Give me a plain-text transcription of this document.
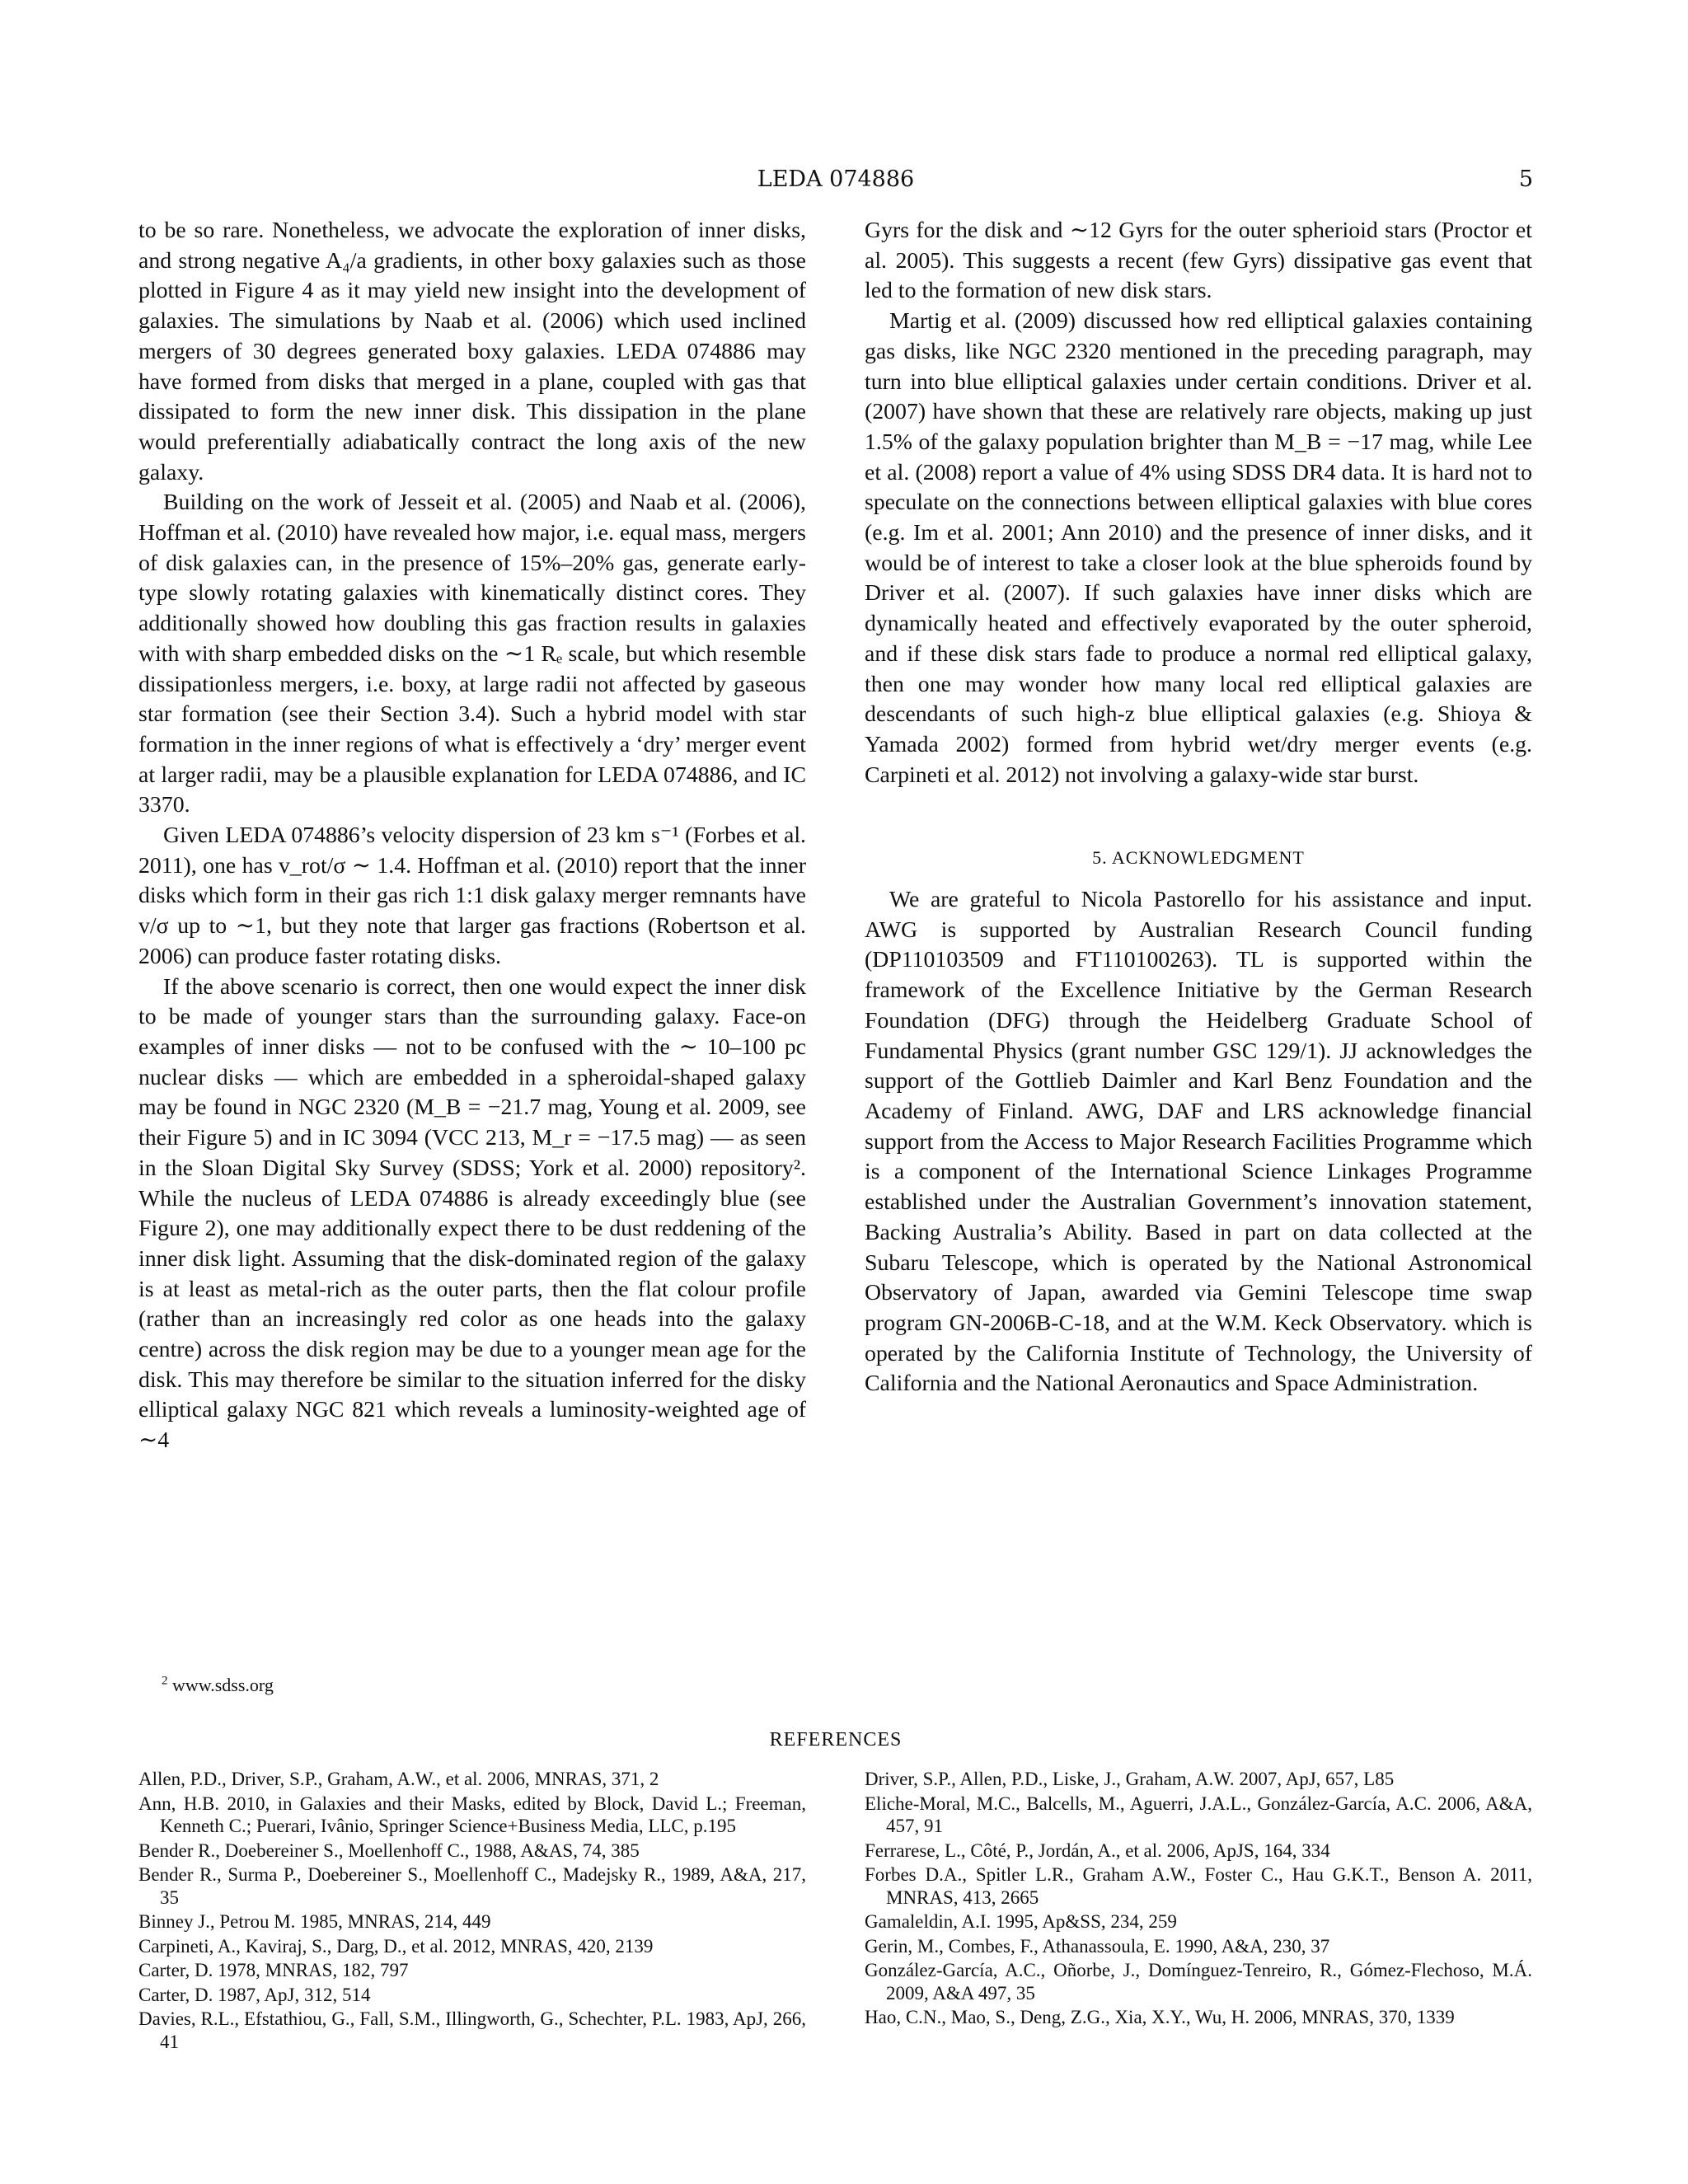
LEDA 074886	5

to be so rare. Nonetheless, we advocate the exploration of inner disks, and strong negative A₄/a gradients, in other boxy galaxies such as those plotted in Figure 4 as it may yield new insight into the development of galaxies. The simulations by Naab et al. (2006) which used inclined mergers of 30 degrees generated boxy galaxies. LEDA 074886 may have formed from disks that merged in a plane, coupled with gas that dissipated to form the new inner disk. This dissipation in the plane would preferentially adiabatically contract the long axis of the new galaxy.

Building on the work of Jesseit et al. (2005) and Naab et al. (2006), Hoffman et al. (2010) have revealed how major, i.e. equal mass, mergers of disk galaxies can, in the presence of 15%–20% gas, generate early-type slowly rotating galaxies with kinematically distinct cores. They additionally showed how doubling this gas fraction results in galaxies with with sharp embedded disks on the ∼1 Rₑ scale, but which resemble dissipationless mergers, i.e. boxy, at large radii not affected by gaseous star formation (see their Section 3.4). Such a hybrid model with star formation in the inner regions of what is effectively a ‘dry’ merger event at larger radii, may be a plausible explanation for LEDA 074886, and IC 3370.

Given LEDA 074886’s velocity dispersion of 23 km s⁻¹ (Forbes et al. 2011), one has v_rot/σ ∼ 1.4. Hoffman et al. (2010) report that the inner disks which form in their gas rich 1:1 disk galaxy merger remnants have v/σ up to ∼1, but they note that larger gas fractions (Robertson et al. 2006) can produce faster rotating disks.

If the above scenario is correct, then one would expect the inner disk to be made of younger stars than the surrounding galaxy. Face-on examples of inner disks — not to be confused with the ∼ 10–100 pc nuclear disks — which are embedded in a spheroidal-shaped galaxy may be found in NGC 2320 (M_B = −21.7 mag, Young et al. 2009, see their Figure 5) and in IC 3094 (VCC 213, M_r = −17.5 mag) — as seen in the Sloan Digital Sky Survey (SDSS; York et al. 2000) repository². While the nucleus of LEDA 074886 is already exceedingly blue (see Figure 2), one may additionally expect there to be dust reddening of the inner disk light. Assuming that the disk-dominated region of the galaxy is at least as metal-rich as the outer parts, then the flat colour profile (rather than an increasingly red color as one heads into the galaxy centre) across the disk region may be due to a younger mean age for the disk. This may therefore be similar to the situation inferred for the disky elliptical galaxy NGC 821 which reveals a luminosity-weighted age of ∼4

Gyrs for the disk and ∼12 Gyrs for the outer spherioid stars (Proctor et al. 2005). This suggests a recent (few Gyrs) dissipative gas event that led to the formation of new disk stars.

Martig et al. (2009) discussed how red elliptical galaxies containing gas disks, like NGC 2320 mentioned in the preceding paragraph, may turn into blue elliptical galaxies under certain conditions. Driver et al. (2007) have shown that these are relatively rare objects, making up just 1.5% of the galaxy population brighter than M_B = −17 mag, while Lee et al. (2008) report a value of 4% using SDSS DR4 data. It is hard not to speculate on the connections between elliptical galaxies with blue cores (e.g. Im et al. 2001; Ann 2010) and the presence of inner disks, and it would be of interest to take a closer look at the blue spheroids found by Driver et al. (2007). If such galaxies have inner disks which are dynamically heated and effectively evaporated by the outer spheroid, and if these disk stars fade to produce a normal red elliptical galaxy, then one may wonder how many local red elliptical galaxies are descendants of such high-z blue elliptical galaxies (e.g. Shioya & Yamada 2002) formed from hybrid wet/dry merger events (e.g. Carpineti et al. 2012) not involving a galaxy-wide star burst.

5. ACKNOWLEDGMENT

We are grateful to Nicola Pastorello for his assistance and input. AWG is supported by Australian Research Council funding (DP110103509 and FT110100263). TL is supported within the framework of the Excellence Initiative by the German Research Foundation (DFG) through the Heidelberg Graduate School of Fundamental Physics (grant number GSC 129/1). JJ acknowledges the support of the Gottlieb Daimler and Karl Benz Foundation and the Academy of Finland. AWG, DAF and LRS acknowledge financial support from the Access to Major Research Facilities Programme which is a component of the International Science Linkages Programme established under the Australian Government’s innovation statement, Backing Australia’s Ability. Based in part on data collected at the Subaru Telescope, which is operated by the National Astronomical Observatory of Japan, awarded via Gemini Telescope time swap program GN-2006B-C-18, and at the W.M. Keck Observatory. which is operated by the California Institute of Technology, the University of California and the National Aeronautics and Space Administration.

$^2$ www.sdss.org
REFERENCES
Allen, P.D., Driver, S.P., Graham, A.W., et al. 2006, MNRAS, 371, 2
Ann, H.B. 2010, in Galaxies and their Masks, edited by Block, David L.; Freeman, Kenneth C.; Puerari, Ivânio, Springer Science+Business Media, LLC, p.195
Bender R., Doebereiner S., Moellenhoff C., 1988, A&AS, 74, 385
Bender R., Surma P., Doebereiner S., Moellenhoff C., Madejsky R., 1989, A&A, 217, 35
Binney J., Petrou M. 1985, MNRAS, 214, 449
Carpineti, A., Kaviraj, S., Darg, D., et al. 2012, MNRAS, 420, 2139
Carter, D. 1978, MNRAS, 182, 797
Carter, D. 1987, ApJ, 312, 514
Davies, R.L., Efstathiou, G., Fall, S.M., Illingworth, G., Schechter, P.L. 1983, ApJ, 266, 41
Driver, S.P., Allen, P.D., Liske, J., Graham, A.W. 2007, ApJ, 657, L85
Eliche-Moral, M.C., Balcells, M., Aguerri, J.A.L., González-García, A.C. 2006, A&A, 457, 91
Ferrarese, L., Côté, P., Jordán, A., et al. 2006, ApJS, 164, 334
Forbes D.A., Spitler L.R., Graham A.W., Foster C., Hau G.K.T., Benson A. 2011, MNRAS, 413, 2665
Gamaleldin, A.I. 1995, Ap&SS, 234, 259
Gerin, M., Combes, F., Athanassoula, E. 1990, A&A, 230, 37
González-García, A.C., Oñorbe, J., Domínguez-Tenreiro, R., Gómez-Flechoso, M.Á. 2009, A&A 497, 35
Hao, C.N., Mao, S., Deng, Z.G., Xia, X.Y., Wu, H. 2006, MNRAS, 370, 1339
